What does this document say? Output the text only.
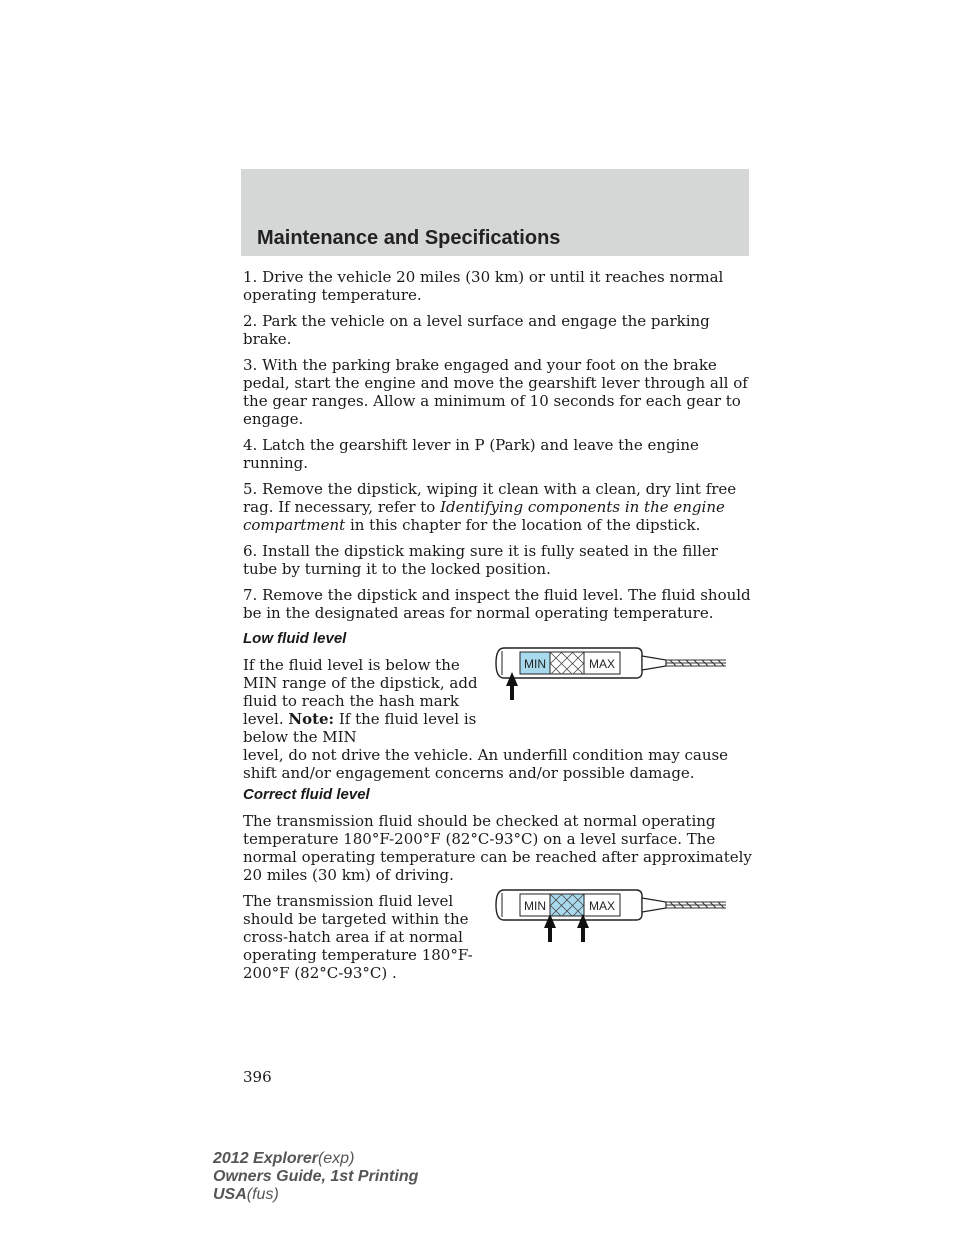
Maintenance and Specifications

1. Drive the vehicle 20 miles (30 km) or until it reaches normal operating temperature.

2. Park the vehicle on a level surface and engage the parking brake.

3. With the parking brake engaged and your foot on the brake pedal, start the engine and move the gearshift lever through all of the gear ranges. Allow a minimum of 10 seconds for each gear to engage.

4. Latch the gearshift lever in P (Park) and leave the engine running.

5. Remove the dipstick, wiping it clean with a clean, dry lint free rag. If necessary, refer to Identifying components in the engine compartment in this chapter for the location of the dipstick.

6. Install the dipstick making sure it is fully seated in the filler tube by turning it to the locked position.

7. Remove the dipstick and inspect the fluid level. The fluid should be in the designated areas for normal operating temperature.

Low fluid level
Correct fluid level

The transmission fluid should be checked at normal operating temperature 180°F-200°F (82°C-93°C) on a level surface. The normal operating temperature can be reached after approximately 20 miles (30 km) of driving.

The transmission fluid level should be targeted within the cross-hatch area if at normal operating temperature 180°F-200°F (82°C-93°C) .

If the fluid level is below the MIN range of the dipstick, add fluid to reach the hash mark level. Note: If the fluid level is below the MIN
level, do not drive the vehicle. An underfill condition may cause shift and/or engagement concerns and/or possible damage.
MIN	MAX
MIN	MAX
396
2012 Explorer(exp)
Owners Guide, 1st Printing
USA(fus)
